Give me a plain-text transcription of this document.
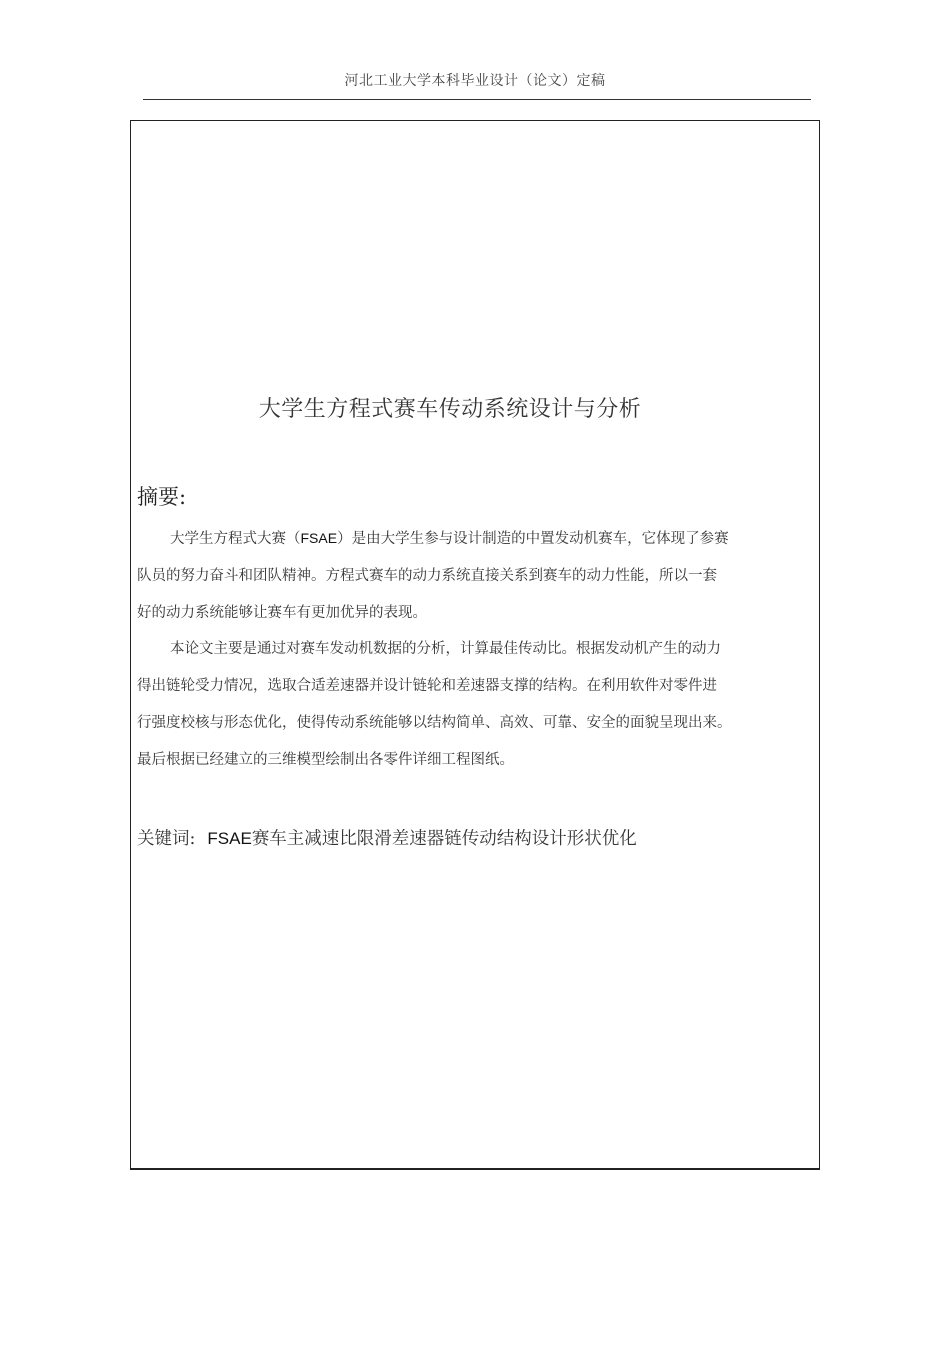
河北工业大学本科毕业设计（论文）定稿
大学生方程式赛车传动系统设计与分析
摘要:

大学生方程式大赛（FSAE）是由大学生参与设计制造的中置发动机赛车，它体现了参赛
队员的努力奋斗和团队精神。方程式赛车的动力系统直接关系到赛车的动力性能，所以一套
好的动力系统能够让赛车有更加优异的表现。

本论文主要是通过对赛车发动机数据的分析，计算最佳传动比。根据发动机产生的动力
得出链轮受力情况，选取合适差速器并设计链轮和差速器支撑的结构。在利用软件对零件进
行强度校核与形态优化，使得传动系统能够以结构简单、高效、可靠、安全的面貌呈现出来。
最后根据已经建立的三维模型绘制出各零件详细工程图纸。

关键词: FSAE赛车主减速比限滑差速器链传动结构设计形状优化
